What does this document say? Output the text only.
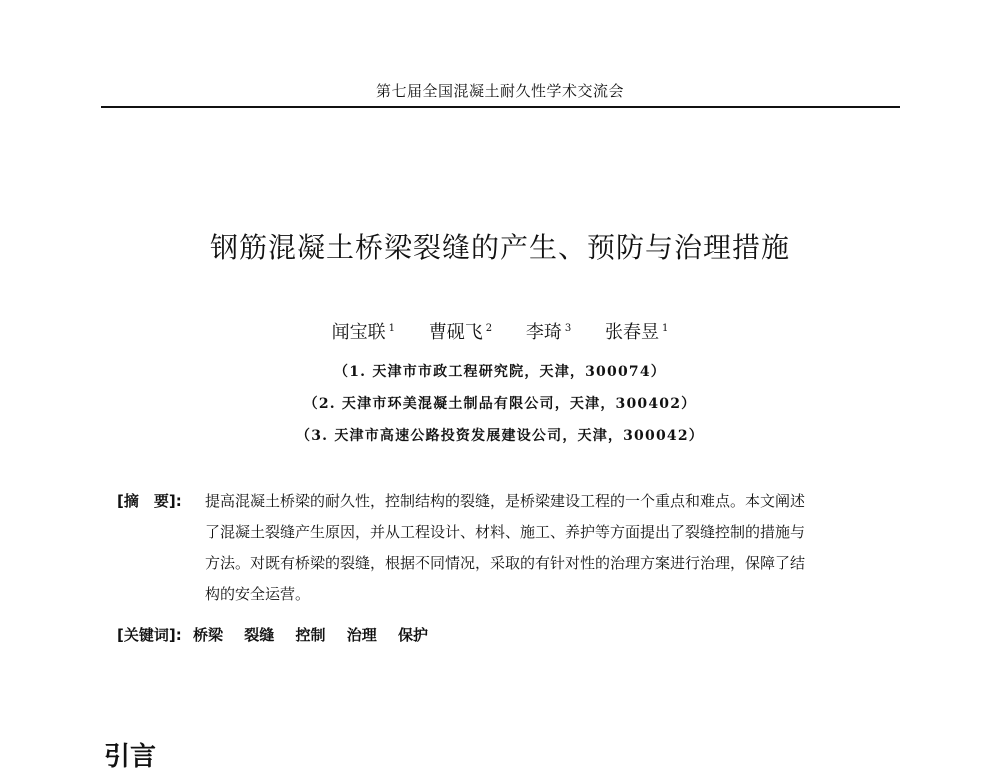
第七届全国混凝土耐久性学术交流会
钢筋混凝土桥梁裂缝的产生、预防与治理措施
闻宝联 $^1$ 曹砚飞 $^2$ 李琦 $^3$ 张春昱 $^1$
（1. 天津市市政工程研究院，天津，300074）
（2. 天津市环美混凝土制品有限公司，天津，300402）
（3. 天津市高速公路投资发展建设公司，天津，300042）
[摘　要]: 提高混凝土桥梁的耐久性，控制结构的裂缝，是桥梁建设工程的一个重点和难点。本文阐述
了混凝土裂缝产生原因，并从工程设计、材料、施工、养护等方面提出了裂缝控制的措施与
方法。对既有桥梁的裂缝，根据不同情况，采取的有针对性的治理方案进行治理，保障了结
构的安全运营。
[关键词]: 桥梁 裂缝 控制 治理 保护
引言
